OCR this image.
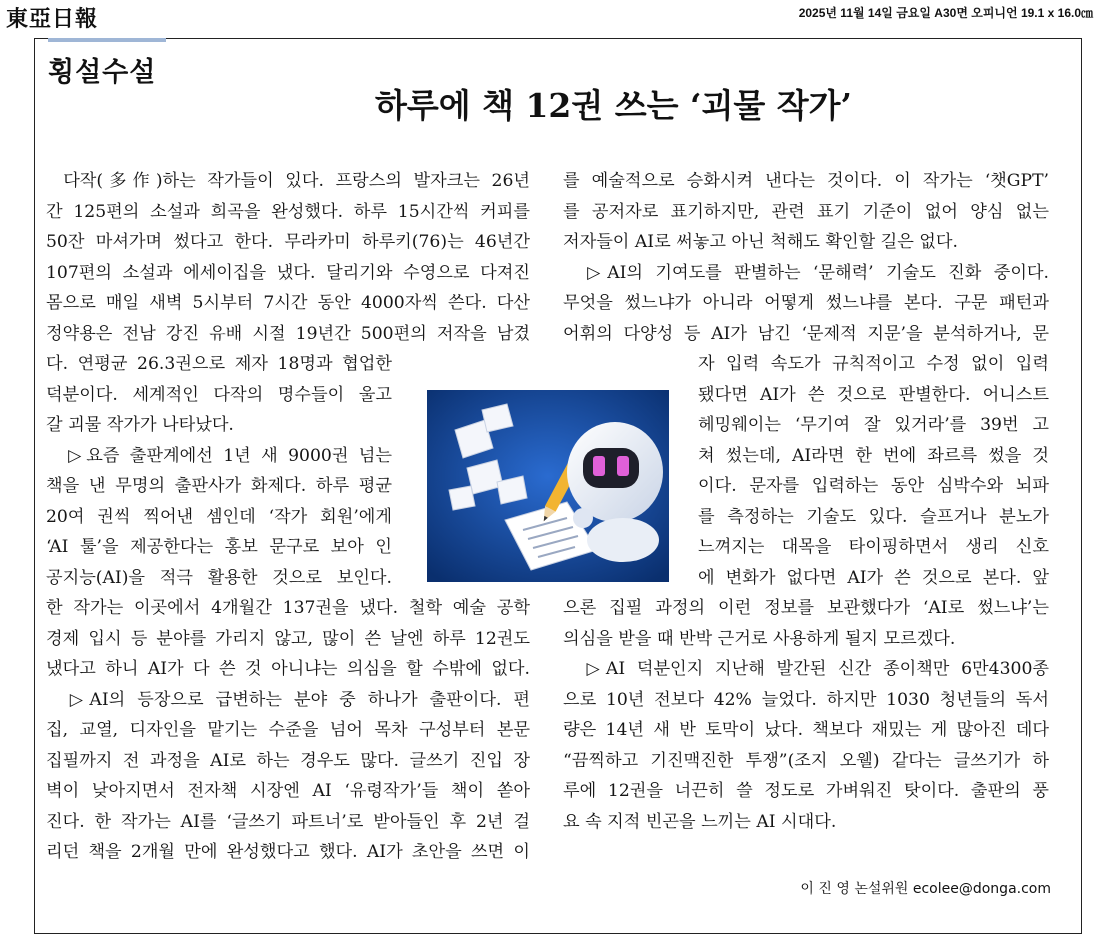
東亞日報	2025년 11월 14일 금요일 A30면 오피니언 19.1 x 16.0㎝
횡설수설
하루에 책 12권 쓰는 ‘괴물 작가’
 다작(多作)하는 작가들이 있다. 프랑스의 발자크는 26년
간 125편의 소설과 희곡을 완성했다. 하루 15시간씩 커피를
50잔 마셔가며 썼다고 한다. 무라카미 하루키(76)는 46년간
107편의 소설과 에세이집을 냈다. 달리기와 수영으로 다져진
몸으로 매일 새벽 5시부터 7시간 동안 4000자씩 쓴다. 다산
정약용은 전남 강진 유배 시절 19년간 500편의 저작을 남겼
다. 연평균 26.3권으로 제자 18명과 협업한
덕분이다. 세계적인 다작의 명수들이 울고
갈 괴물 작가가 나타났다.
 ▷요즘 출판계에선 1년 새 9000권 넘는
책을 낸 무명의 출판사가 화제다. 하루 평균
20여 권씩 찍어낸 셈인데 ‘작가 회원’에게
‘AI 툴’을 제공한다는 홍보 문구로 보아 인
공지능(AI)을 적극 활용한 것으로 보인다.
한 작가는 이곳에서 4개월간 137권을 냈다. 철학 예술 공학
경제 입시 등 분야를 가리지 않고, 많이 쓴 날엔 하루 12권도
냈다고 하니 AI가 다 쓴 것 아니냐는 의심을 할 수밖에 없다.
 ▷AI의 등장으로 급변하는 분야 중 하나가 출판이다. 편
집, 교열, 디자인을 맡기는 수준을 넘어 목차 구성부터 본문
집필까지 전 과정을 AI로 하는 경우도 많다. 글쓰기 진입 장
벽이 낮아지면서 전자책 시장엔 AI ‘유령작가’들 책이 쏟아
진다. 한 작가는 AI를 ‘글쓰기 파트너’로 받아들인 후 2년 걸
리던 책을 2개월 만에 완성했다고 했다. AI가 초안을 쓰면 이
를 예술적으로 승화시켜 낸다는 것이다. 이 작가는 ‘챗GPT’
를 공저자로 표기하지만, 관련 표기 기준이 없어 양심 없는
저자들이 AI로 써놓고 아닌 척해도 확인할 길은 없다.
 ▷AI의 기여도를 판별하는 ‘문해력’ 기술도 진화 중이다.
무엇을 썼느냐가 아니라 어떻게 썼느냐를 본다. 구문 패턴과
어휘의 다양성 등 AI가 남긴 ‘문제적 지문’을 분석하거나, 문
자 입력 속도가 규칙적이고 수정 없이 입력
됐다면 AI가 쓴 것으로 판별한다. 어니스트
헤밍웨이는 ‘무기여 잘 있거라’를 39번 고
쳐 썼는데, AI라면 한 번에 좌르륵 썼을 것
이다. 문자를 입력하는 동안 심박수와 뇌파
를 측정하는 기술도 있다. 슬프거나 분노가
느껴지는 대목을 타이핑하면서 생리 신호
에 변화가 없다면 AI가 쓴 것으로 본다. 앞
으론 집필 과정의 이런 정보를 보관했다가 ‘AI로 썼느냐’는
의심을 받을 때 반박 근거로 사용하게 될지 모르겠다.
 ▷AI 덕분인지 지난해 발간된 신간 종이책만 6만4300종
으로 10년 전보다 42% 늘었다. 하지만 1030 청년들의 독서
량은 14년 새 반 토막이 났다. 책보다 재밌는 게 많아진 데다
“끔찍하고 기진맥진한 투쟁”(조지 오웰) 같다는 글쓰기가 하
루에 12권을 너끈히 쓸 정도로 가벼워진 탓이다. 출판의 풍
요 속 지적 빈곤을 느끼는 AI 시대다.
이 진 영 논설위원 ecolee@donga.com
